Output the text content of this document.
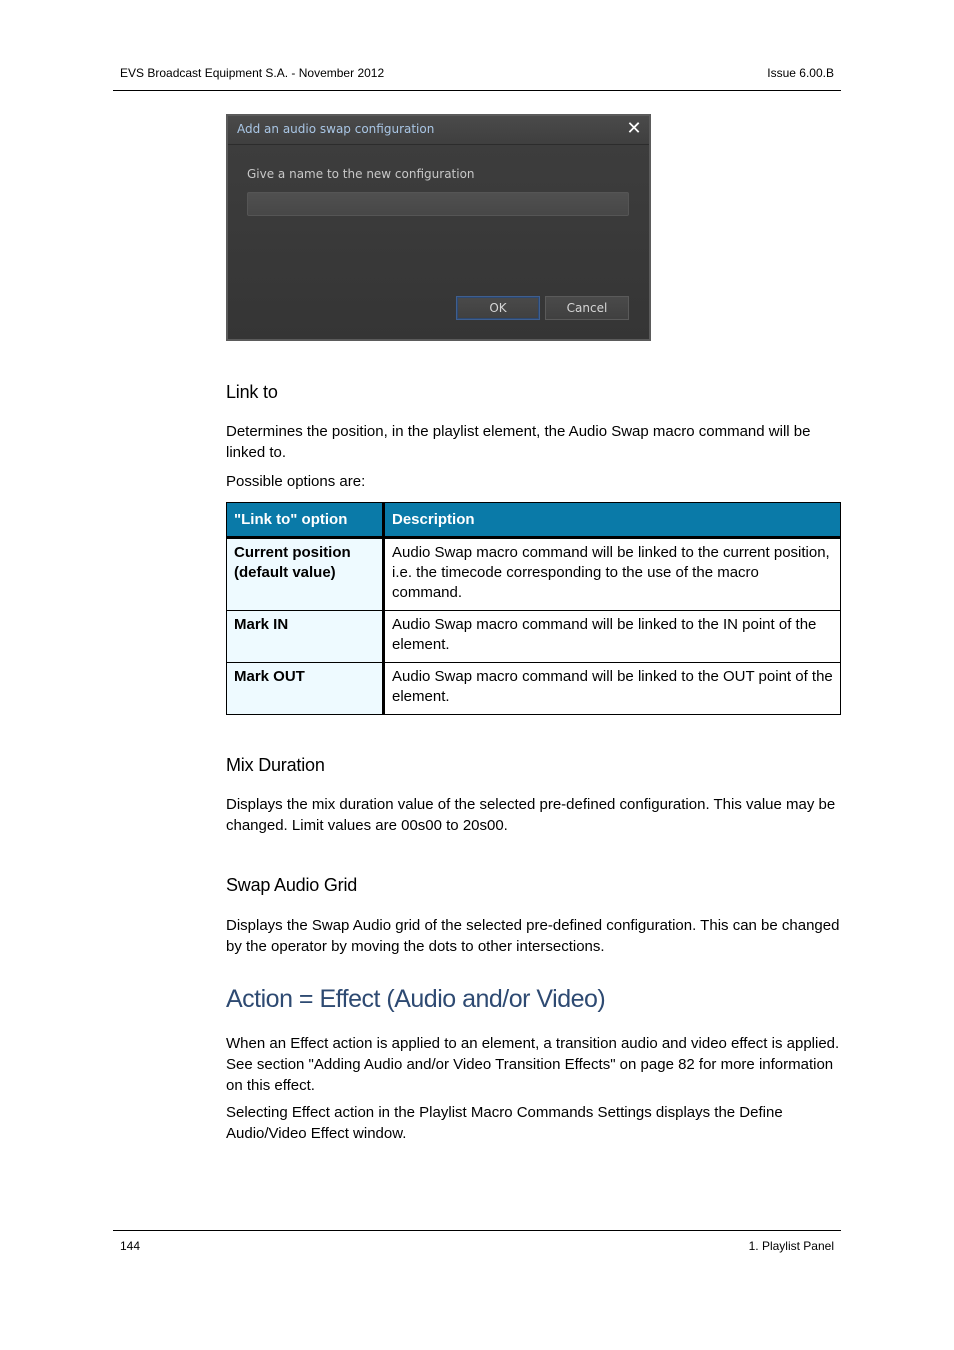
EVS Broadcast Equipment S.A. - November 2012	Issue 6.00.B
Add an audio swap configuration	✕
Give a name to the new configuration
OK	Cancel
Link to

Determines the position, in the playlist element, the Audio Swap macro command will be linked to.

Possible options are:

"Link to" option	Description
Current position (default value)	Audio Swap macro command will be linked to the current position, i.e. the timecode corresponding to the use of the macro command.
Mark IN	Audio Swap macro command will be linked to the IN point of the element.
Mark OUT	Audio Swap macro command will be linked to the OUT point of the element.
Mix Duration

Displays the mix duration value of the selected pre-defined configuration. This value may be changed. Limit values are 00s00 to 20s00.

Swap Audio Grid

Displays the Swap Audio grid of the selected pre-defined configuration. This can be changed by the operator by moving the dots to other intersections.

Action = Effect (Audio and/or Video)

When an Effect action is applied to an element, a transition audio and video effect is applied. See section "Adding Audio and/or Video Transition Effects" on page 82 for more information on this effect.

Selecting Effect action in the Playlist Macro Commands Settings displays the Define Audio/Video Effect window.

144	1. Playlist Panel
